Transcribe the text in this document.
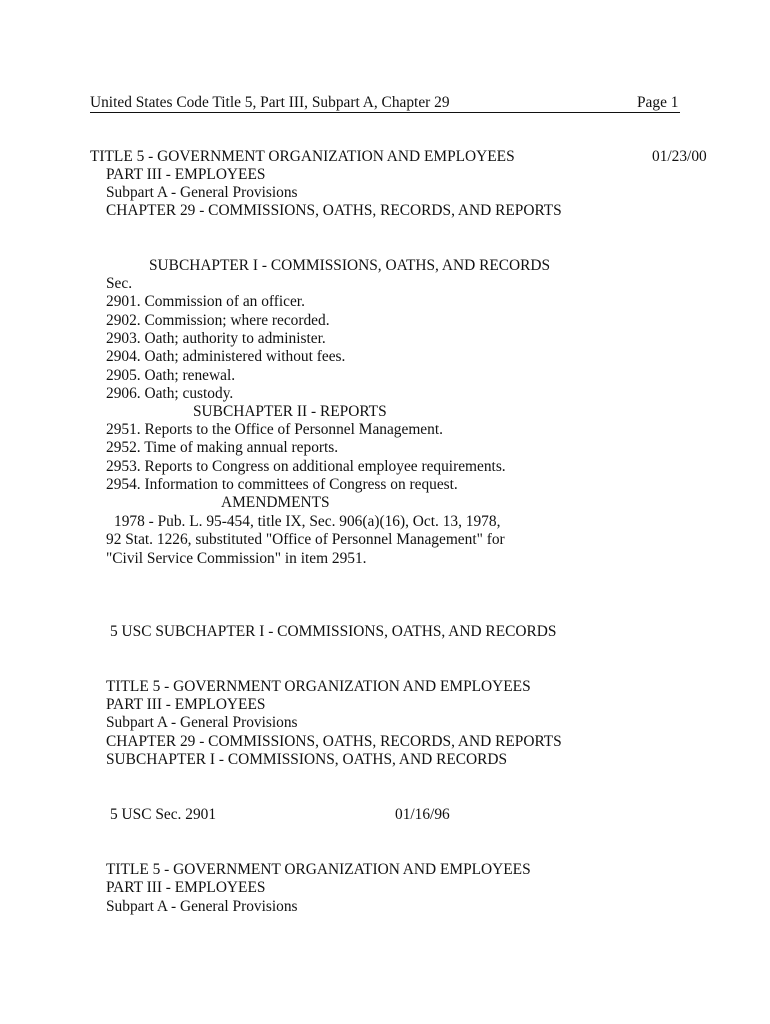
United States Code Title 5, Part III, Subpart A, Chapter 29	Page 1
TITLE 5 - GOVERNMENT ORGANIZATION AND EMPLOYEES	01/23/00
PART III - EMPLOYEES
Subpart A - General Provisions
CHAPTER 29 - COMMISSIONS, OATHS, RECORDS, AND REPORTS
SUBCHAPTER I - COMMISSIONS, OATHS, AND RECORDS
Sec.
2901. Commission of an officer.
2902. Commission; where recorded.
2903. Oath; authority to administer.
2904. Oath; administered without fees.
2905. Oath; renewal.
2906. Oath; custody.
SUBCHAPTER II - REPORTS
2951. Reports to the Office of Personnel Management.
2952. Time of making annual reports.
2953. Reports to Congress on additional employee requirements.
2954. Information to committees of Congress on request.
AMENDMENTS
1978 - Pub. L. 95-454, title IX, Sec. 906(a)(16), Oct. 13, 1978,
92 Stat. 1226, substituted "Office of Personnel Management" for
"Civil Service Commission" in item 2951.
5 USC SUBCHAPTER I - COMMISSIONS, OATHS, AND RECORDS
TITLE 5 - GOVERNMENT ORGANIZATION AND EMPLOYEES
PART III - EMPLOYEES
Subpart A - General Provisions
CHAPTER 29 - COMMISSIONS, OATHS, RECORDS, AND REPORTS
SUBCHAPTER I - COMMISSIONS, OATHS, AND RECORDS
5 USC Sec. 2901	01/16/96
TITLE 5 - GOVERNMENT ORGANIZATION AND EMPLOYEES
PART III - EMPLOYEES
Subpart A - General Provisions
